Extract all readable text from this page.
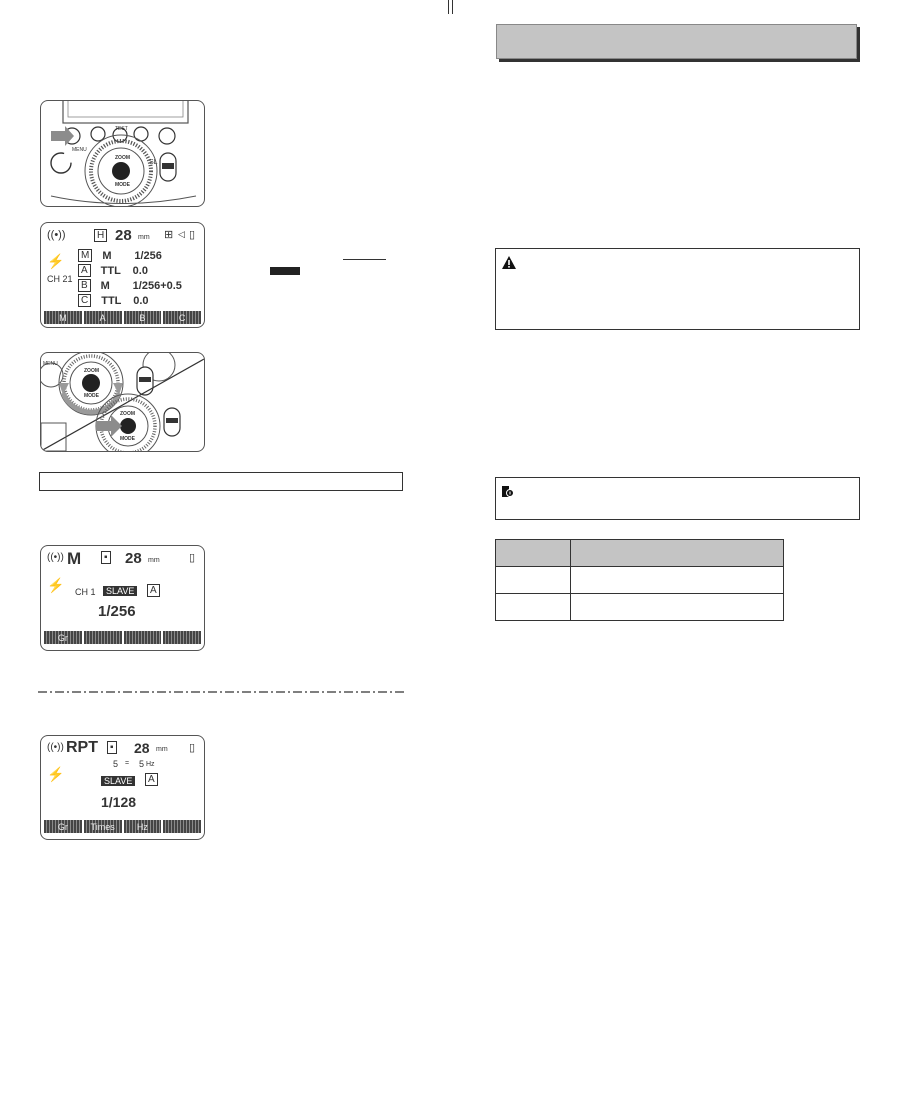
MENU
ZOOM
MODE
TEST
SL
((•))	H 28 mm ⊞ ◁ ▯
⚡
CH 21
M M	1/256
A TTL 0.0
B M	1/256+0.5
C TTL 0.0
M	A	B	C
MENU
ZOOM
MODE
ZOOM
MODE
((•)) M	▪ 28 mm	▯
⚡ CH 1	SLAVE	A
1/256
Gr
((•)) RPT	▪ 28 mm ▯
5 = 5 Hz
⚡	SLAVE	A
1/128
Gr	Times	Hz
